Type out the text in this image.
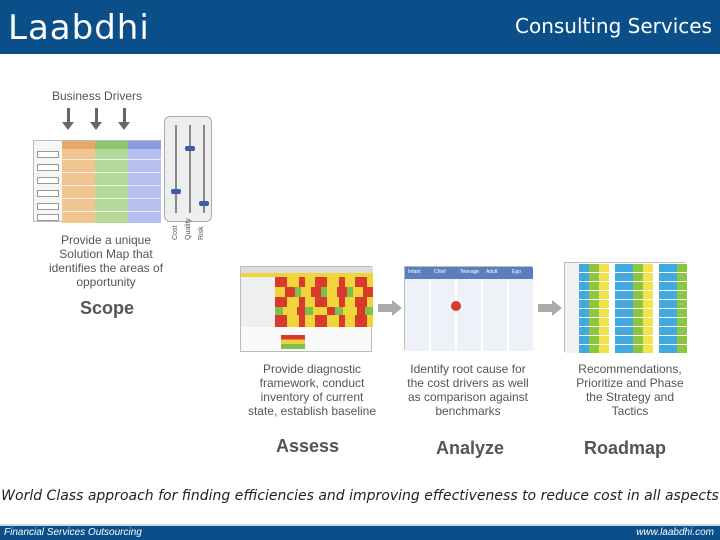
Laabdhi	Consulting Services
Business Drivers
Cost Quality Risk
Provide a unique
Solution Map that
identifies the areas of
opportunity
Scope
Provide diagnostic
framework, conduct
inventory of current
state, establish baseline
Assess
Infant	Chief	Teenage Adult	Ego
Identify root cause for
the cost drivers as well
as comparison against
benchmarks
Analyze
Recommendations,
Prioritize and Phase
the Strategy and
Tactics
Roadmap
World Class approach for finding efficiencies and improving effectiveness to reduce cost in all aspects
Financial Services Outsourcing	www.laabdhi.com
